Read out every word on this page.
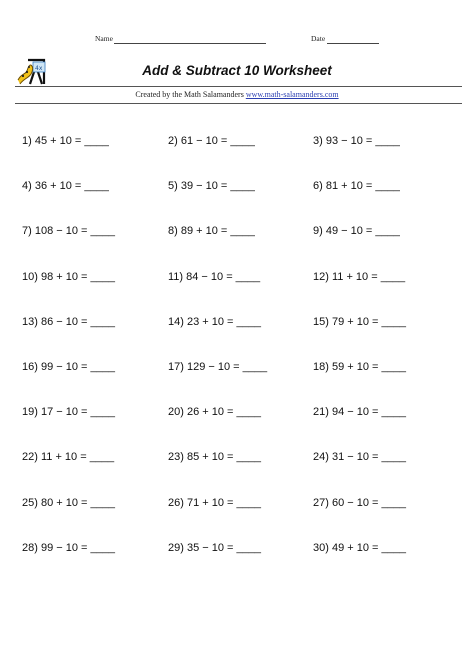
Name	Date
4x	Add & Subtract 10 Worksheet
Created by the Math Salamanders www.math-salamanders.com
1) 45 + 10 = ____	2) 61 − 10 = ____	3) 93 − 10 = ____
4) 36 + 10 = ____	5) 39 − 10 = ____	6) 81 + 10 = ____
7) 108 − 10 = ____	8) 89 + 10 = ____	9) 49 − 10 = ____
10) 98 + 10 = ____	11) 84 − 10 = ____	12) 11 + 10 = ____
13) 86 − 10 = ____	14) 23 + 10 = ____	15) 79 + 10 = ____
16) 99 − 10 = ____	17) 129 − 10 = ____	18) 59 + 10 = ____
19) 17 − 10 = ____	20) 26 + 10 = ____	21) 94 − 10 = ____
22) 11 + 10 = ____	23) 85 + 10 = ____	24) 31 − 10 = ____
25) 80 + 10 = ____	26) 71 + 10 = ____	27) 60 − 10 = ____
28) 99 − 10 = ____	29) 35 − 10 = ____	30) 49 + 10 = ____
